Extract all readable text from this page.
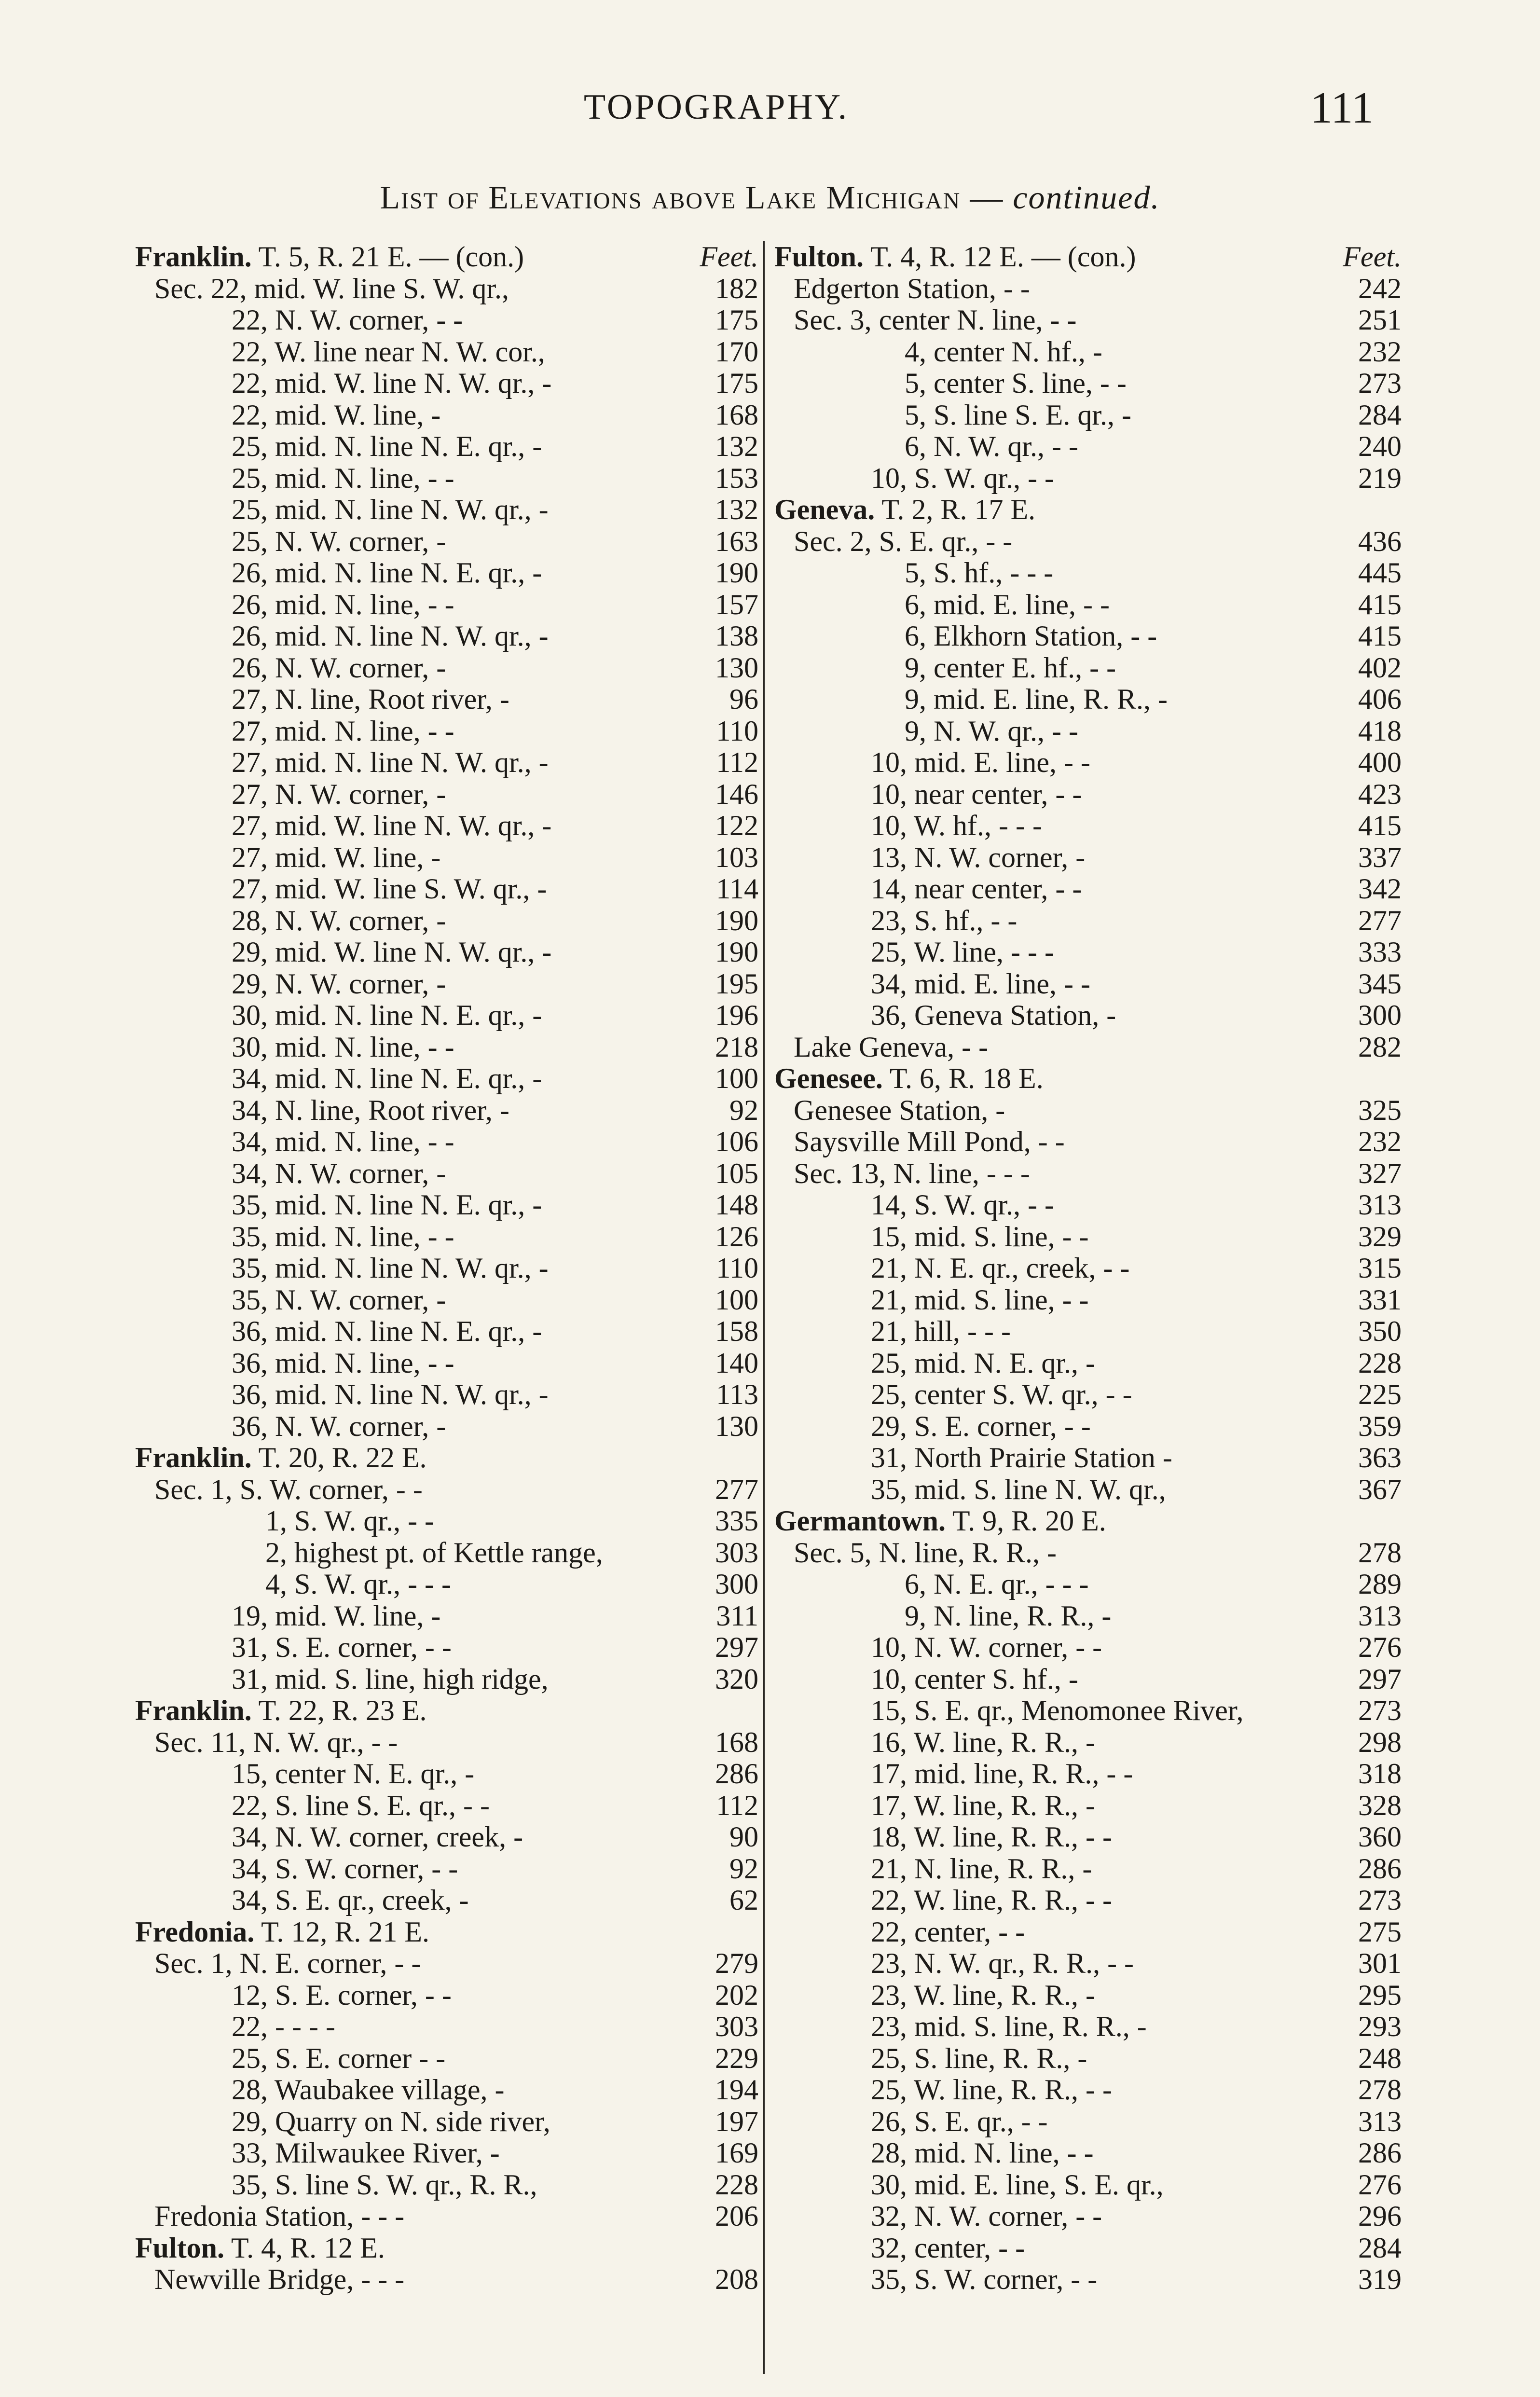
TOPOGRAPHY.	111
List of Elevations above Lake Michigan — continued.
Franklin. T. 5, R. 21 E. — (con.)	Feet.
Sec. 22, mid. W. line S. W. qr.,	182
22, N. W. corner, - -	175
22, W. line near N. W. cor.,	170
22, mid. W. line N. W. qr., -	175
22, mid. W. line, -	168
25, mid. N. line N. E. qr., -	132
25, mid. N. line, - -	153
25, mid. N. line N. W. qr., -	132
25, N. W. corner, -	163
26, mid. N. line N. E. qr., -	190
26, mid. N. line, - -	157
26, mid. N. line N. W. qr., -	138
26, N. W. corner, -	130
27, N. line, Root river, -	96
27, mid. N. line, - -	110
27, mid. N. line N. W. qr., -	112
27, N. W. corner, -	146
27, mid. W. line N. W. qr., -	122
27, mid. W. line, -	103
27, mid. W. line S. W. qr., -	114
28, N. W. corner, -	190
29, mid. W. line N. W. qr., -	190
29, N. W. corner, -	195
30, mid. N. line N. E. qr., -	196
30, mid. N. line, - -	218
34, mid. N. line N. E. qr., -	100
34, N. line, Root river, -	92
34, mid. N. line, - -	106
34, N. W. corner, -	105
35, mid. N. line N. E. qr., -	148
35, mid. N. line, - -	126
35, mid. N. line N. W. qr., -	110
35, N. W. corner, -	100
36, mid. N. line N. E. qr., -	158
36, mid. N. line, - -	140
36, mid. N. line N. W. qr., -	113
36, N. W. corner, -	130
Franklin. T. 20, R. 22 E.
Sec. 1, S. W. corner, - -	277
1, S. W. qr., - -	335
2, highest pt. of Kettle range,	303
4, S. W. qr., - - -	300
19, mid. W. line, -	311
31, S. E. corner, - -	297
31, mid. S. line, high ridge,	320
Franklin. T. 22, R. 23 E.
Sec. 11, N. W. qr., - -	168
15, center N. E. qr., -	286
22, S. line S. E. qr., - -	112
34, N. W. corner, creek, -	90
34, S. W. corner, - -	92
34, S. E. qr., creek, -	62
Fredonia. T. 12, R. 21 E.
Sec. 1, N. E. corner, - -	279
12, S. E. corner, - -	202
22, - - - -	303
25, S. E. corner - -	229
28, Waubakee village, -	194
29, Quarry on N. side river,	197
33, Milwaukee River, -	169
35, S. line S. W. qr., R. R.,	228
Fredonia Station, - - -	206
Fulton. T. 4, R. 12 E.
Newville Bridge, - - -	208
Fulton. T. 4, R. 12 E. — (con.)	Feet.
Edgerton Station, - -	242
Sec. 3, center N. line, - -	251
4, center N. hf., -	232
5, center S. line, - -	273
5, S. line S. E. qr., -	284
6, N. W. qr., - -	240
10, S. W. qr., - -	219
Geneva. T. 2, R. 17 E.
Sec. 2, S. E. qr., - -	436
5, S. hf., - - -	445
6, mid. E. line, - -	415
6, Elkhorn Station, - -	415
9, center E. hf., - -	402
9, mid. E. line, R. R., -	406
9, N. W. qr., - -	418
10, mid. E. line, - -	400
10, near center, - -	423
10, W. hf., - - -	415
13, N. W. corner, -	337
14, near center, - -	342
23, S. hf., - -	277
25, W. line, - - -	333
34, mid. E. line, - -	345
36, Geneva Station, -	300
Lake Geneva, - -	282
Genesee. T. 6, R. 18 E.
Genesee Station, -	325
Saysville Mill Pond, - -	232
Sec. 13, N. line, - - -	327
14, S. W. qr., - -	313
15, mid. S. line, - -	329
21, N. E. qr., creek, - -	315
21, mid. S. line, - -	331
21, hill, - - -	350
25, mid. N. E. qr., -	228
25, center S. W. qr., - -	225
29, S. E. corner, - -	359
31, North Prairie Station -	363
35, mid. S. line N. W. qr.,	367
Germantown. T. 9, R. 20 E.
Sec. 5, N. line, R. R., -	278
6, N. E. qr., - - -	289
9, N. line, R. R., -	313
10, N. W. corner, - -	276
10, center S. hf., -	297
15, S. E. qr., Menomonee River,	273
16, W. line, R. R., -	298
17, mid. line, R. R., - -	318
17, W. line, R. R., -	328
18, W. line, R. R., - -	360
21, N. line, R. R., -	286
22, W. line, R. R., - -	273
22, center, - -	275
23, N. W. qr., R. R., - -	301
23, W. line, R. R., -	295
23, mid. S. line, R. R., -	293
25, S. line, R. R., -	248
25, W. line, R. R., - -	278
26, S. E. qr., - -	313
28, mid. N. line, - -	286
30, mid. E. line, S. E. qr.,	276
32, N. W. corner, - -	296
32, center, - -	284
35, S. W. corner, - -	319
